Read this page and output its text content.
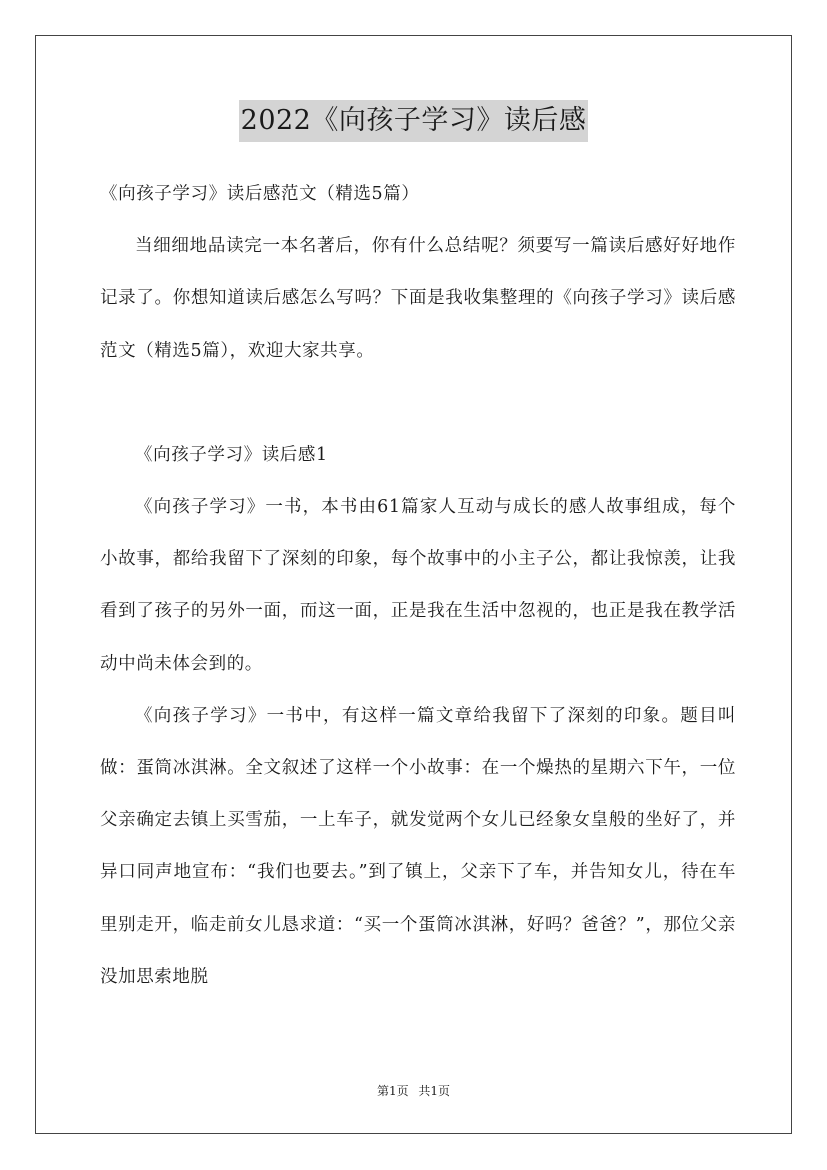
2022《向孩子学习》读后感

《向孩子学习》读后感范文（精选5篇）

当细细地品读完一本名著后，你有什么总结呢？须要写一篇读后感好好地作记录了。你想知道读后感怎么写吗？下面是我收集整理的《向孩子学习》读后感范文（精选5篇），欢迎大家共享。

《向孩子学习》读后感1

《向孩子学习》一书，本书由61篇家人互动与成长的感人故事组成，每个小故事，都给我留下了深刻的印象，每个故事中的小主子公，都让我惊羡，让我看到了孩子的另外一面，而这一面，正是我在生活中忽视的，也正是我在教学活动中尚未体会到的。

《向孩子学习》一书中，有这样一篇文章给我留下了深刻的印象。题目叫做：蛋筒冰淇淋。全文叙述了这样一个小故事：在一个燥热的星期六下午，一位父亲确定去镇上买雪茄，一上车子，就发觉两个女儿已经象女皇般的坐好了，并异口同声地宣布：“我们也要去。”到了镇上，父亲下了车，并告知女儿，待在车里别走开，临走前女儿恳求道：“买一个蛋筒冰淇淋，好吗？爸爸？”，那位父亲没加思索地脱

第1页 共1页
